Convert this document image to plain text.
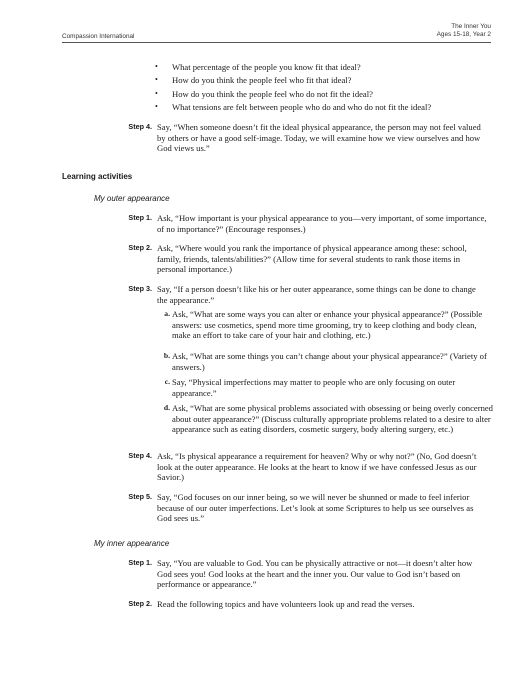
Compassion International
The Inner You
Ages 15-18, Year 2
• What percentage of the people you know fit that ideal?
• How do you think the people feel who fit that ideal?
• How do you think the people feel who do not fit the ideal?
• What tensions are felt between people who do and who do not fit the ideal?
Step 4. Say, “When someone doesn’t fit the ideal physical appearance, the person may not feel valued by others or have a good self-image. Today, we will examine how we view ourselves and how God views us.”
Learning activities
My outer appearance
Step 1. Ask, “How important is your physical appearance to you—very important, of some importance, of no importance?” (Encourage responses.)
Step 2. Ask, “Where would you rank the importance of physical appearance among these: school, family, friends, talents/abilities?” (Allow time for several students to rank those items in personal importance.)
Step 3. Say, “If a person doesn’t like his or her outer appearance, some things can be done to change the appearance.”
a. Ask, “What are some ways you can alter or enhance your physical appearance?” (Possible answers: use cosmetics, spend more time grooming, try to keep clothing and body clean, make an effort to take care of your hair and clothing, etc.)
b. Ask, “What are some things you can’t change about your physical appearance?” (Variety of answers.)
c. Say, “Physical imperfections may matter to people who are only focusing on outer appearance.”
d. Ask, “What are some physical problems associated with obsessing or being overly concerned about outer appearance?” (Discuss culturally appropriate problems related to a desire to alter appearance such as eating disorders, cosmetic surgery, body altering surgery, etc.)
Step 4. Ask, “Is physical appearance a requirement for heaven? Why or why not?” (No, God doesn’t look at the outer appearance. He looks at the heart to know if we have confessed Jesus as our Savior.)
Step 5. Say, “God focuses on our inner being, so we will never be shunned or made to feel inferior because of our outer imperfections. Let’s look at some Scriptures to help us see ourselves as God sees us.”
My inner appearance
Step 1. Say, “You are valuable to God. You can be physically attractive or not—it doesn’t alter how God sees you! God looks at the heart and the inner you. Our value to God isn’t based on performance or appearance.”
Step 2. Read the following topics and have volunteers look up and read the verses.
